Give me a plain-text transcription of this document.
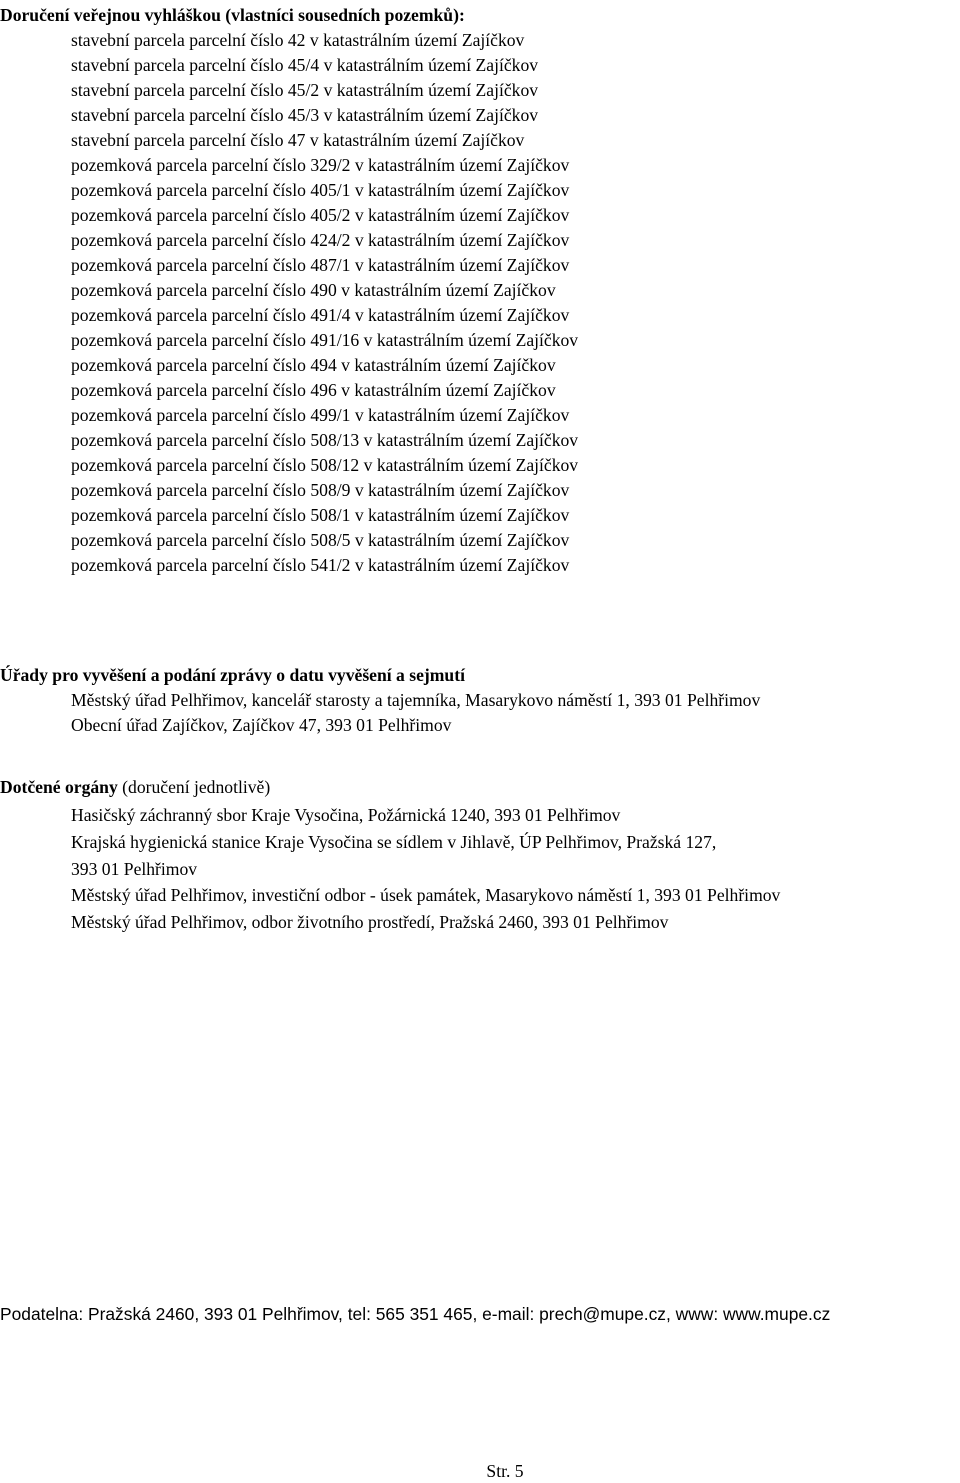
Doručení veřejnou vyhláškou (vlastníci sousedních pozemků):
stavební parcela parcelní číslo 42 v katastrálním území Zajíčkov
stavební parcela parcelní číslo 45/4 v katastrálním území Zajíčkov
stavební parcela parcelní číslo 45/2 v katastrálním území Zajíčkov
stavební parcela parcelní číslo 45/3 v katastrálním území Zajíčkov
stavební parcela parcelní číslo 47 v katastrálním území Zajíčkov
pozemková parcela parcelní číslo 329/2 v katastrálním území Zajíčkov
pozemková parcela parcelní číslo 405/1 v katastrálním území Zajíčkov
pozemková parcela parcelní číslo 405/2 v katastrálním území Zajíčkov
pozemková parcela parcelní číslo 424/2 v katastrálním území Zajíčkov
pozemková parcela parcelní číslo 487/1 v katastrálním území Zajíčkov
pozemková parcela parcelní číslo 490 v katastrálním území Zajíčkov
pozemková parcela parcelní číslo 491/4 v katastrálním území Zajíčkov
pozemková parcela parcelní číslo 491/16 v katastrálním území Zajíčkov
pozemková parcela parcelní číslo 494 v katastrálním území Zajíčkov
pozemková parcela parcelní číslo 496 v katastrálním území Zajíčkov
pozemková parcela parcelní číslo 499/1 v katastrálním území Zajíčkov
pozemková parcela parcelní číslo 508/13 v katastrálním území Zajíčkov
pozemková parcela parcelní číslo 508/12 v katastrálním území Zajíčkov
pozemková parcela parcelní číslo 508/9 v katastrálním území Zajíčkov
pozemková parcela parcelní číslo 508/1 v katastrálním území Zajíčkov
pozemková parcela parcelní číslo 508/5 v katastrálním území Zajíčkov
pozemková parcela parcelní číslo 541/2 v katastrálním území Zajíčkov
Úřady pro vyvěšení a podání zprávy o datu vyvěšení a sejmutí
Městský úřad Pelhřimov, kancelář starosty a tajemníka, Masarykovo náměstí 1, 393 01 Pelhřimov
Obecní úřad Zajíčkov, Zajíčkov 47, 393 01 Pelhřimov
Dotčené orgány (doručení jednotlivě)
Hasičský záchranný sbor Kraje Vysočina, Požárnická 1240, 393 01 Pelhřimov
Krajská hygienická stanice Kraje Vysočina se sídlem v Jihlavě, ÚP Pelhřimov, Pražská 127,
393 01 Pelhřimov
Městský úřad Pelhřimov, investiční odbor - úsek památek, Masarykovo náměstí 1, 393 01 Pelhřimov
Městský úřad Pelhřimov, odbor životního prostředí, Pražská 2460, 393 01 Pelhřimov
Podatelna: Pražská 2460, 393 01 Pelhřimov, tel: 565 351 465, e-mail: prech@mupe.cz, www: www.mupe.cz
Str. 5
